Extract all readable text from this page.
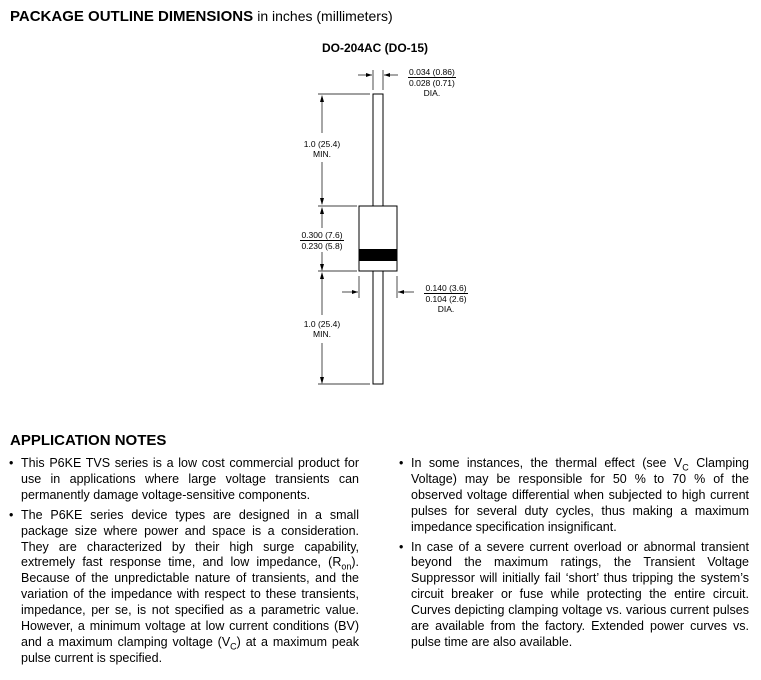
PACKAGE OUTLINE DIMENSIONS in inches (millimeters)
DO-204AC (DO-15)
0.034 (0.86)
0.028 (0.71)
DIA.
1.0 (25.4)
MIN.
0.300 (7.6)
0.230 (5.8)
0.140 (3.6)
0.104 (2.6)
DIA.
1.0 (25.4)
MIN.
APPLICATION NOTES
• This P6KE TVS series is a low cost commercial product for use in applications where large voltage transients can permanently damage voltage-sensitive components.
• The P6KE series device types are designed in a small package size where power and space is a consideration. They are characterized by their high surge capability, extremely fast response time, and low impedance, $(R_{on})$. Because of the unpredictable nature of transients, and the variation of the impedance with respect to these transients, impedance, per se, is not specified as a parametric value. However, a minimum voltage at low current conditions (BV) and a maximum clamping voltage $(V_C)$ at a maximum peak pulse current is specified.
• In some instances, the thermal effect (see $V_C$ Clamping Voltage) may be responsible for 50 % to 70 % of the observed voltage differential when subjected to high current pulses for several duty cycles, thus making a maximum impedance specification insignificant.
• In case of a severe current overload or abnormal transient beyond the maximum ratings, the Transient Voltage Suppressor will initially fail ‘short’ thus tripping the system’s circuit breaker or fuse while protecting the entire circuit. Curves depicting clamping voltage vs. various current pulses are available from the factory. Extended power curves vs. pulse time are also available.
